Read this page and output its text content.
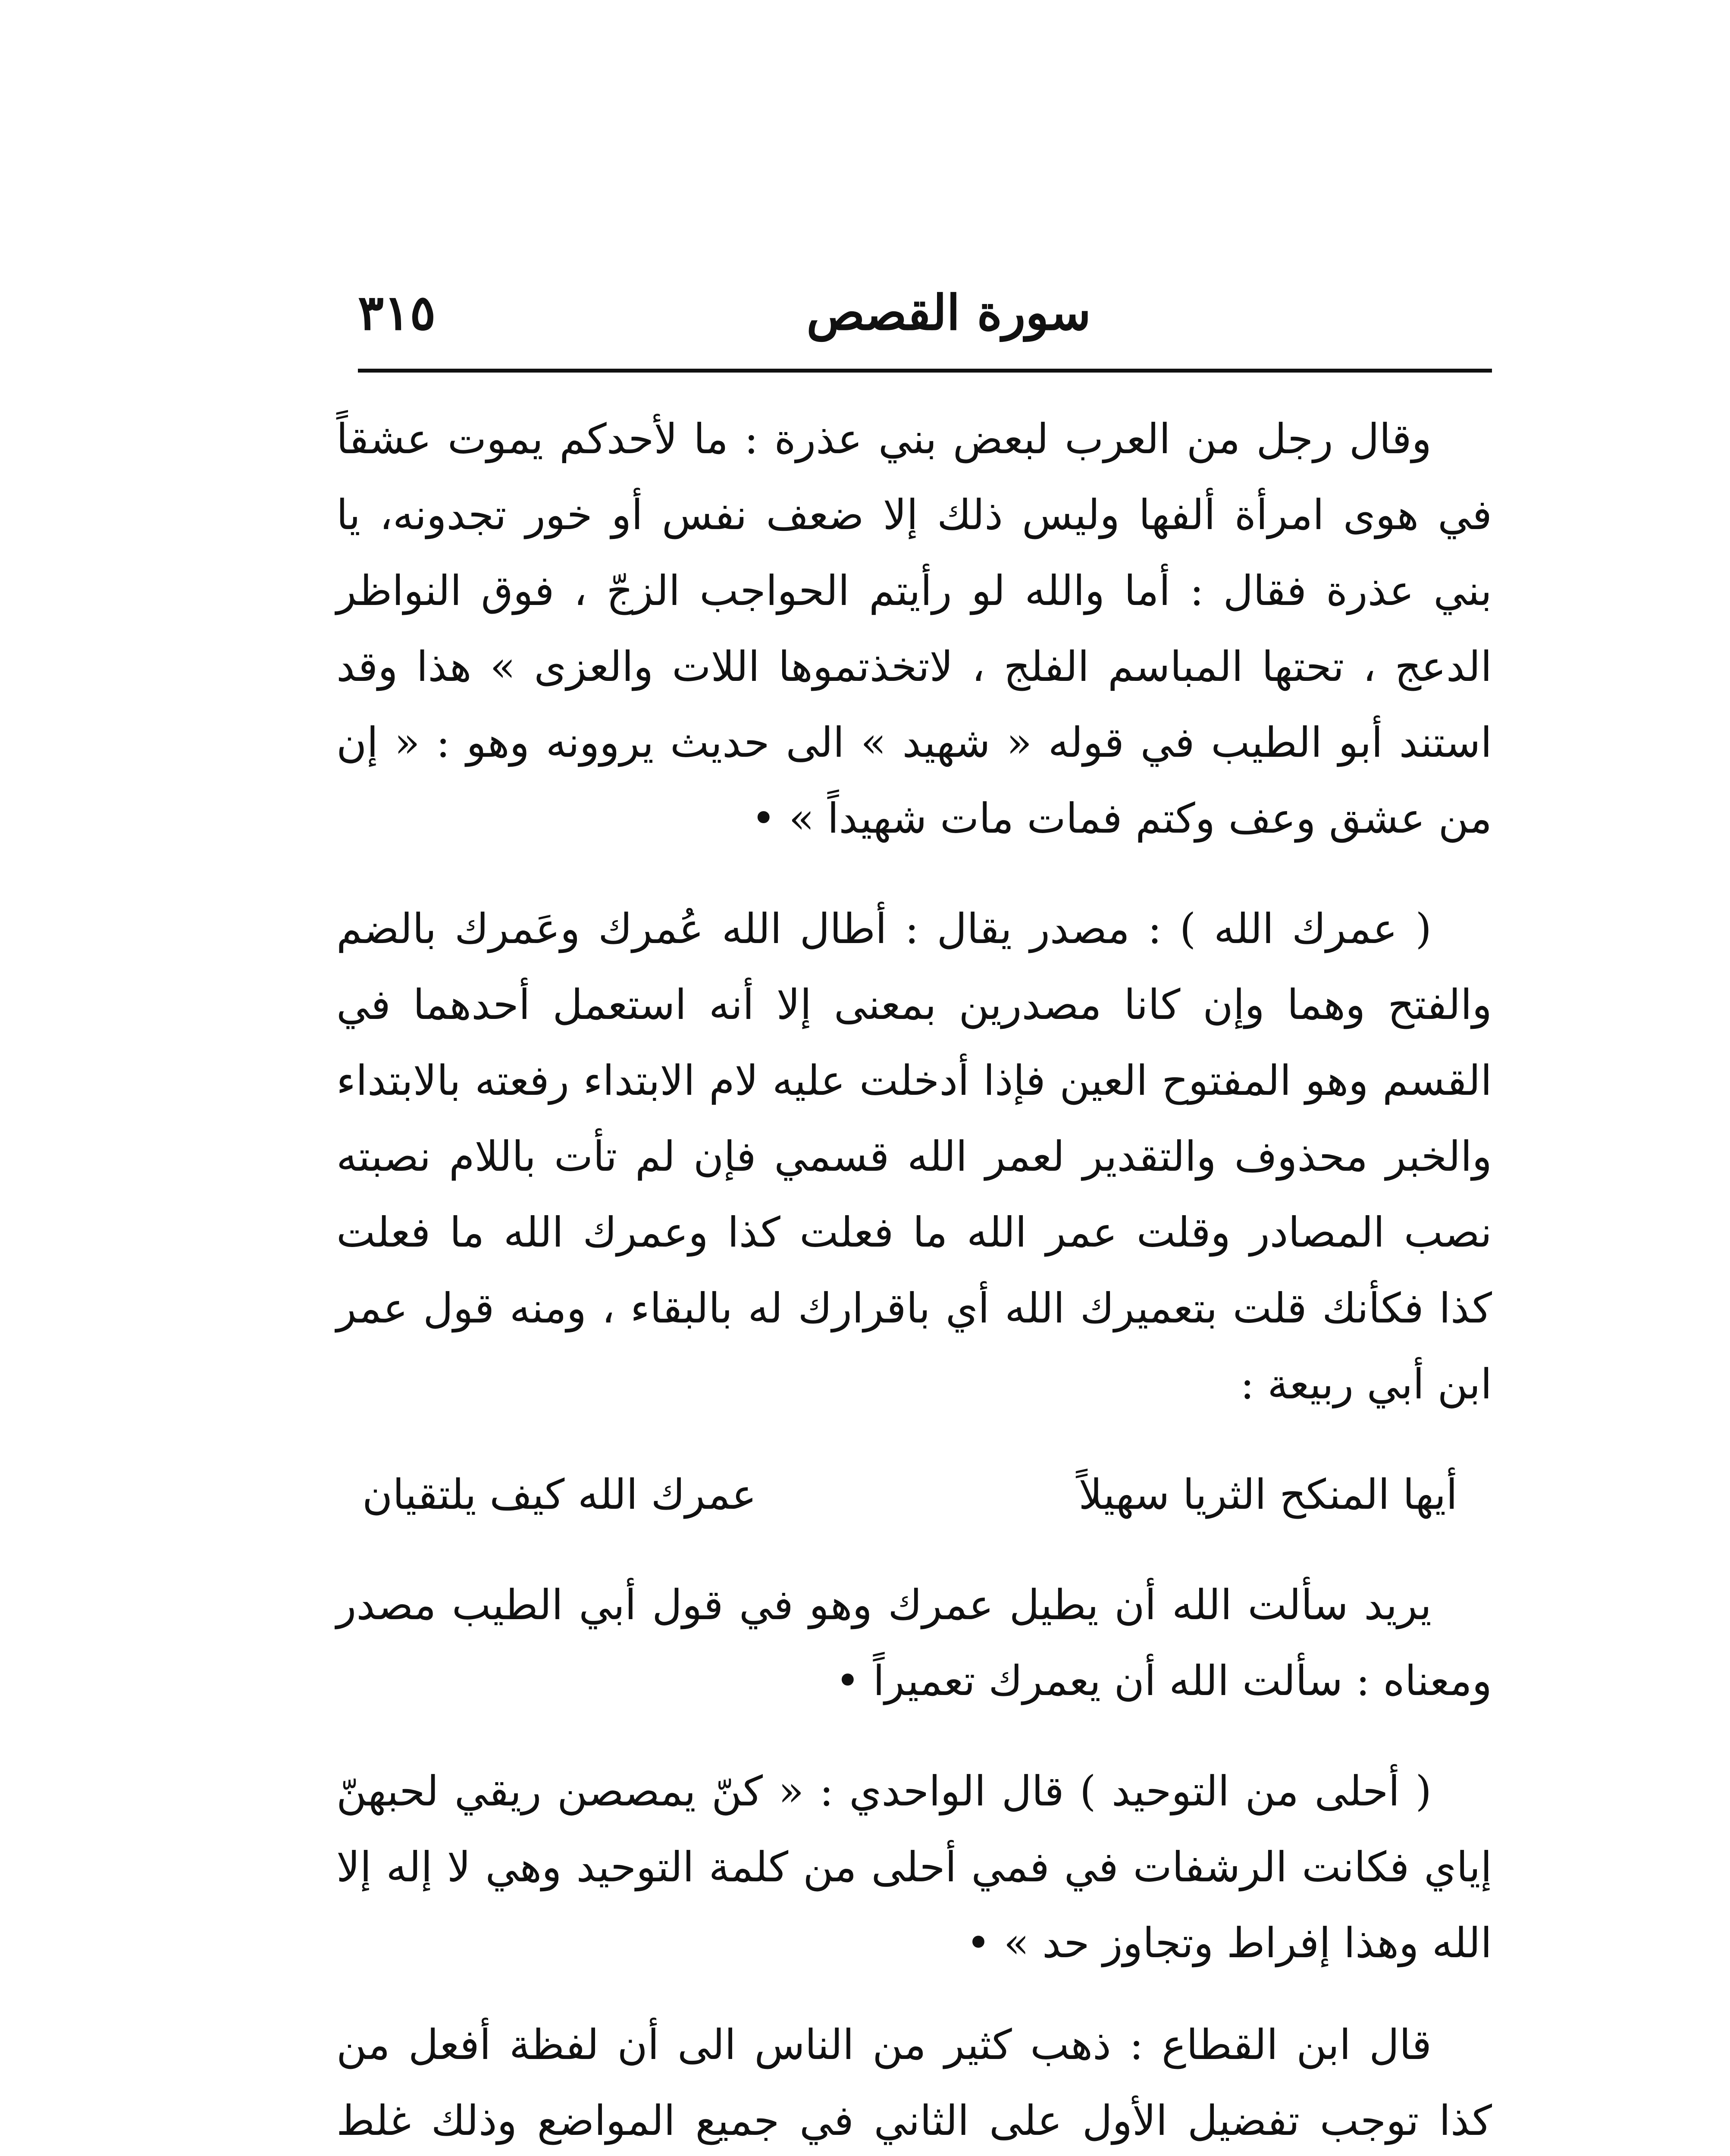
سورة القصص
٣١٥

وقال رجل من العرب لبعض بني عذرة : ما لأحدكم يموت عشقاً في هوى امرأة ألفها وليس ذلك إلا ضعف نفس أو خور تجدونه، يا بني عذرة فقال : أما والله لو رأيتم الحواجب الزجّ ، فوق النواظر الدعج ، تحتها المباسم الفلج ، لاتخذتموها اللات والعزى » هذا وقد استند أبو الطيب في قوله « شهيد » الى حديث يروونه وهو : « إن من عشق وعف وكتم فمات مات شهيداً » •

( عمرك الله ) : مصدر يقال : أطال الله عُمرك وعَمرك بالضم والفتح وهما وإن كانا مصدرين بمعنى إلا أنه استعمل أحدهما في القسم وهو المفتوح العين فإذا أدخلت عليه لام الابتداء رفعته بالابتداء والخبر محذوف والتقدير لعمر الله قسمي فإن لم تأت باللام نصبته نصب المصادر وقلت عمر الله ما فعلت كذا وعمرك الله ما فعلت كذا فكأنك قلت بتعميرك الله أي باقرارك له بالبقاء ، ومنه قول عمر ابن أبي ربيعة :

أيها المنكح الثريا سهيلاً
عمرك الله كيف يلتقيان

يريد سألت الله أن يطيل عمرك وهو في قول أبي الطيب مصدر ومعناه : سألت الله أن يعمرك تعميراً •

( أحلى من التوحيد ) قال الواحدي : « كنّ يمصصن ريقي لحبهنّ إياي فكانت الرشفات في فمي أحلى من كلمة التوحيد وهي لا إله إلا الله وهذا إفراط وتجاوز حد » •

قال ابن القطاع : ذهب كثير من الناس الى أن لفظة أفعل من كذا توجب تفضيل الأول على الثاني في جميع المواضع وذلك غلط
